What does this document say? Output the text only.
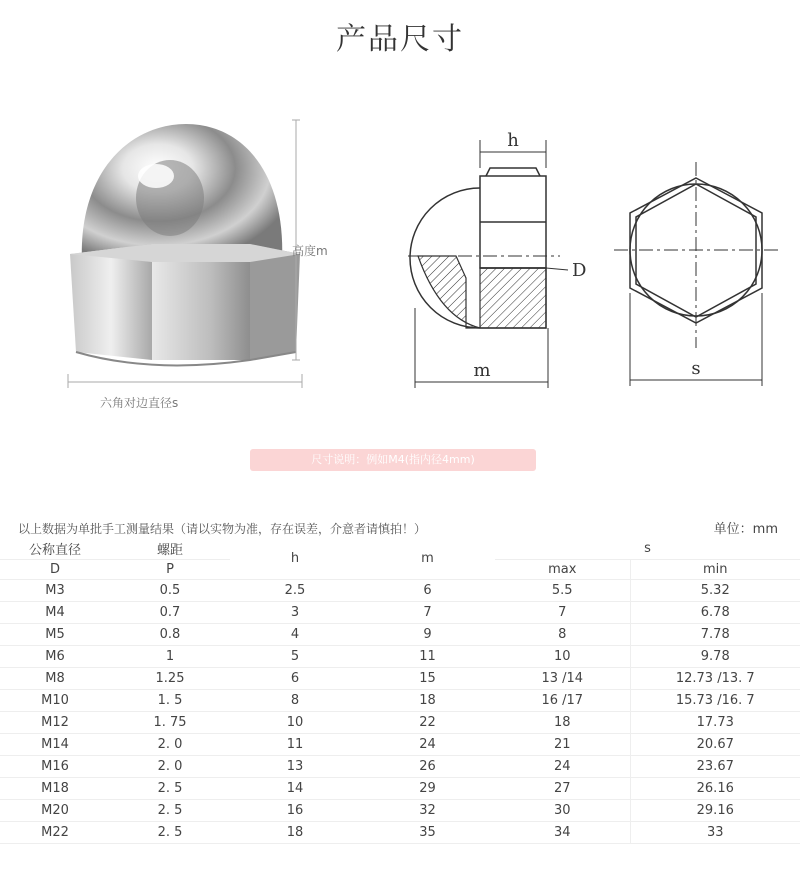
产品尺寸
高度m
六角对边直径s
h
D
m	s
尺寸说明：例如M4(指内径4mm)
以上数据为单批手工测量结果（请以实物为准，存在误差，介意者请慎拍！）	单位：mm
公称直径	螺距	h	m	s	
D	P			max	min
M3	0.5	2.5	6	5.5	5.32
M4	0.7	3	7	7	6.78
M5	0.8	4	9	8	7.78
M6	1	5	11	10	9.78
M8	1.25	6	15	13 /14	12.73 /13. 7
M10	1. 5	8	18	16 /17	15.73 /16. 7
M12	1. 75	10	22	18	17.73
M14	2. 0	11	24	21	20.67
M16	2. 0	13	26	24	23.67
M18	2. 5	14	29	27	26.16
M20	2. 5	16	32	30	29.16
M22	2. 5	18	35	34	33
